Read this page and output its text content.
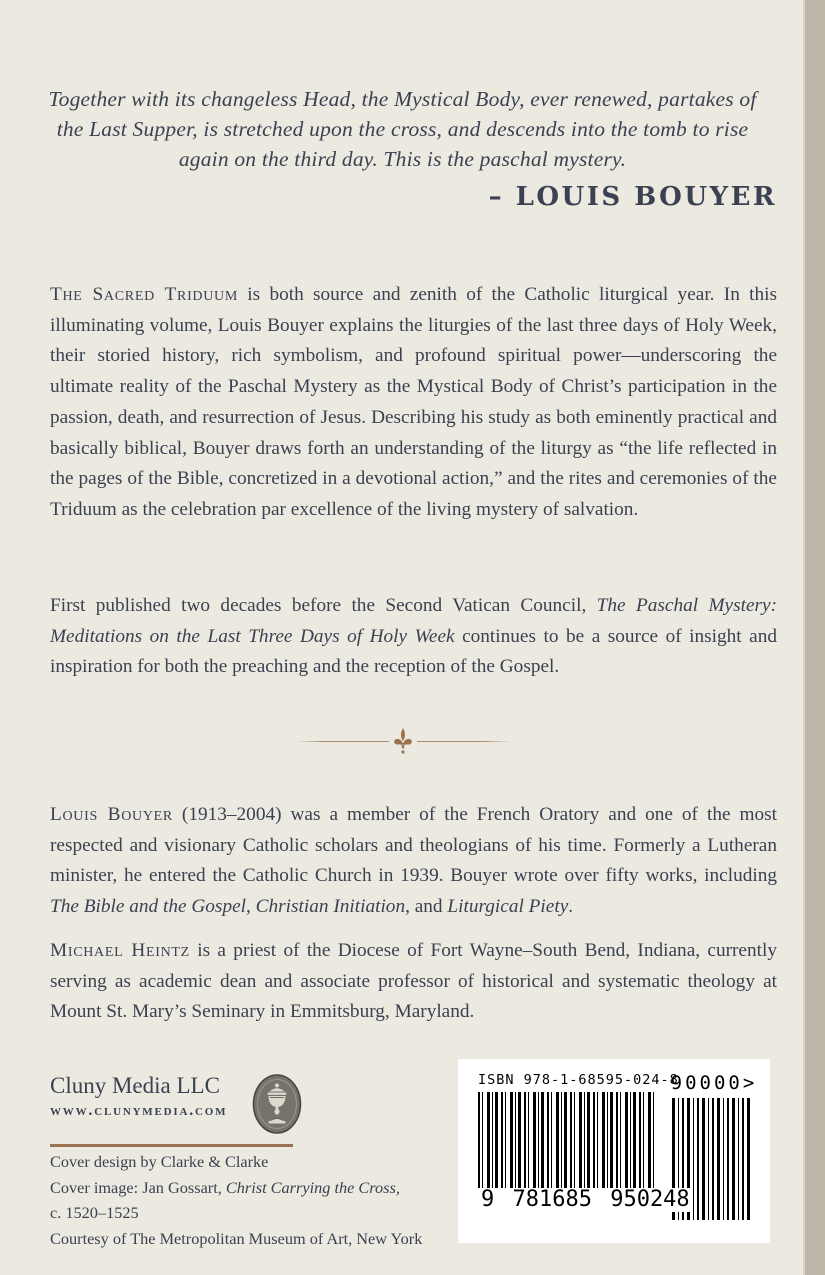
Together with its changeless Head, the Mystical Body, ever renewed, partakes of the Last Supper, is stretched upon the cross, and descends into the tomb to rise again on the third day. This is the paschal mystery.

– LOUIS BOUYER

The Sacred Triduum is both source and zenith of the Catholic liturgical year. In this illuminating volume, Louis Bouyer explains the liturgies of the last three days of Holy Week, their storied history, rich symbolism, and profound spiritual power—underscoring the ultimate reality of the Paschal Mystery as the Mystical Body of Christ’s participation in the passion, death, and resurrection of Jesus. Describing his study as both eminently practical and basically biblical, Bouyer draws forth an understanding of the liturgy as “the life reflected in the pages of the Bible, concretized in a devotional action,” and the rites and ceremonies of the Triduum as the celebration par excellence of the living mystery of salvation.

First published two decades before the Second Vatican Council, The Paschal Mystery: Meditations on the Last Three Days of Holy Week continues to be a source of insight and inspiration for both the preaching and the reception of the Gospel.

Louis Bouyer (1913–2004) was a member of the French Oratory and one of the most respected and visionary Catholic scholars and theologians of his time. Formerly a Lutheran minister, he entered the Catholic Church in 1939. Bouyer wrote over fifty works, including The Bible and the Gospel, Christian Initiation, and Liturgical Piety.

Michael Heintz is a priest of the Diocese of Fort Wayne–South Bend, Indiana, currently serving as academic dean and associate professor of historical and systematic theology at Mount St. Mary’s Seminary in Emmitsburg, Maryland.

Cluny Media LLC
www.clunymedia.com

Cover design by Clarke & Clarke

Cover image: Jan Gossart, Christ Carrying the Cross,

c. 1520–1525

Courtesy of The Metropolitan Museum of Art, New York

ISBN 978-1-68595-024-8
9 781685 950248
90000>
